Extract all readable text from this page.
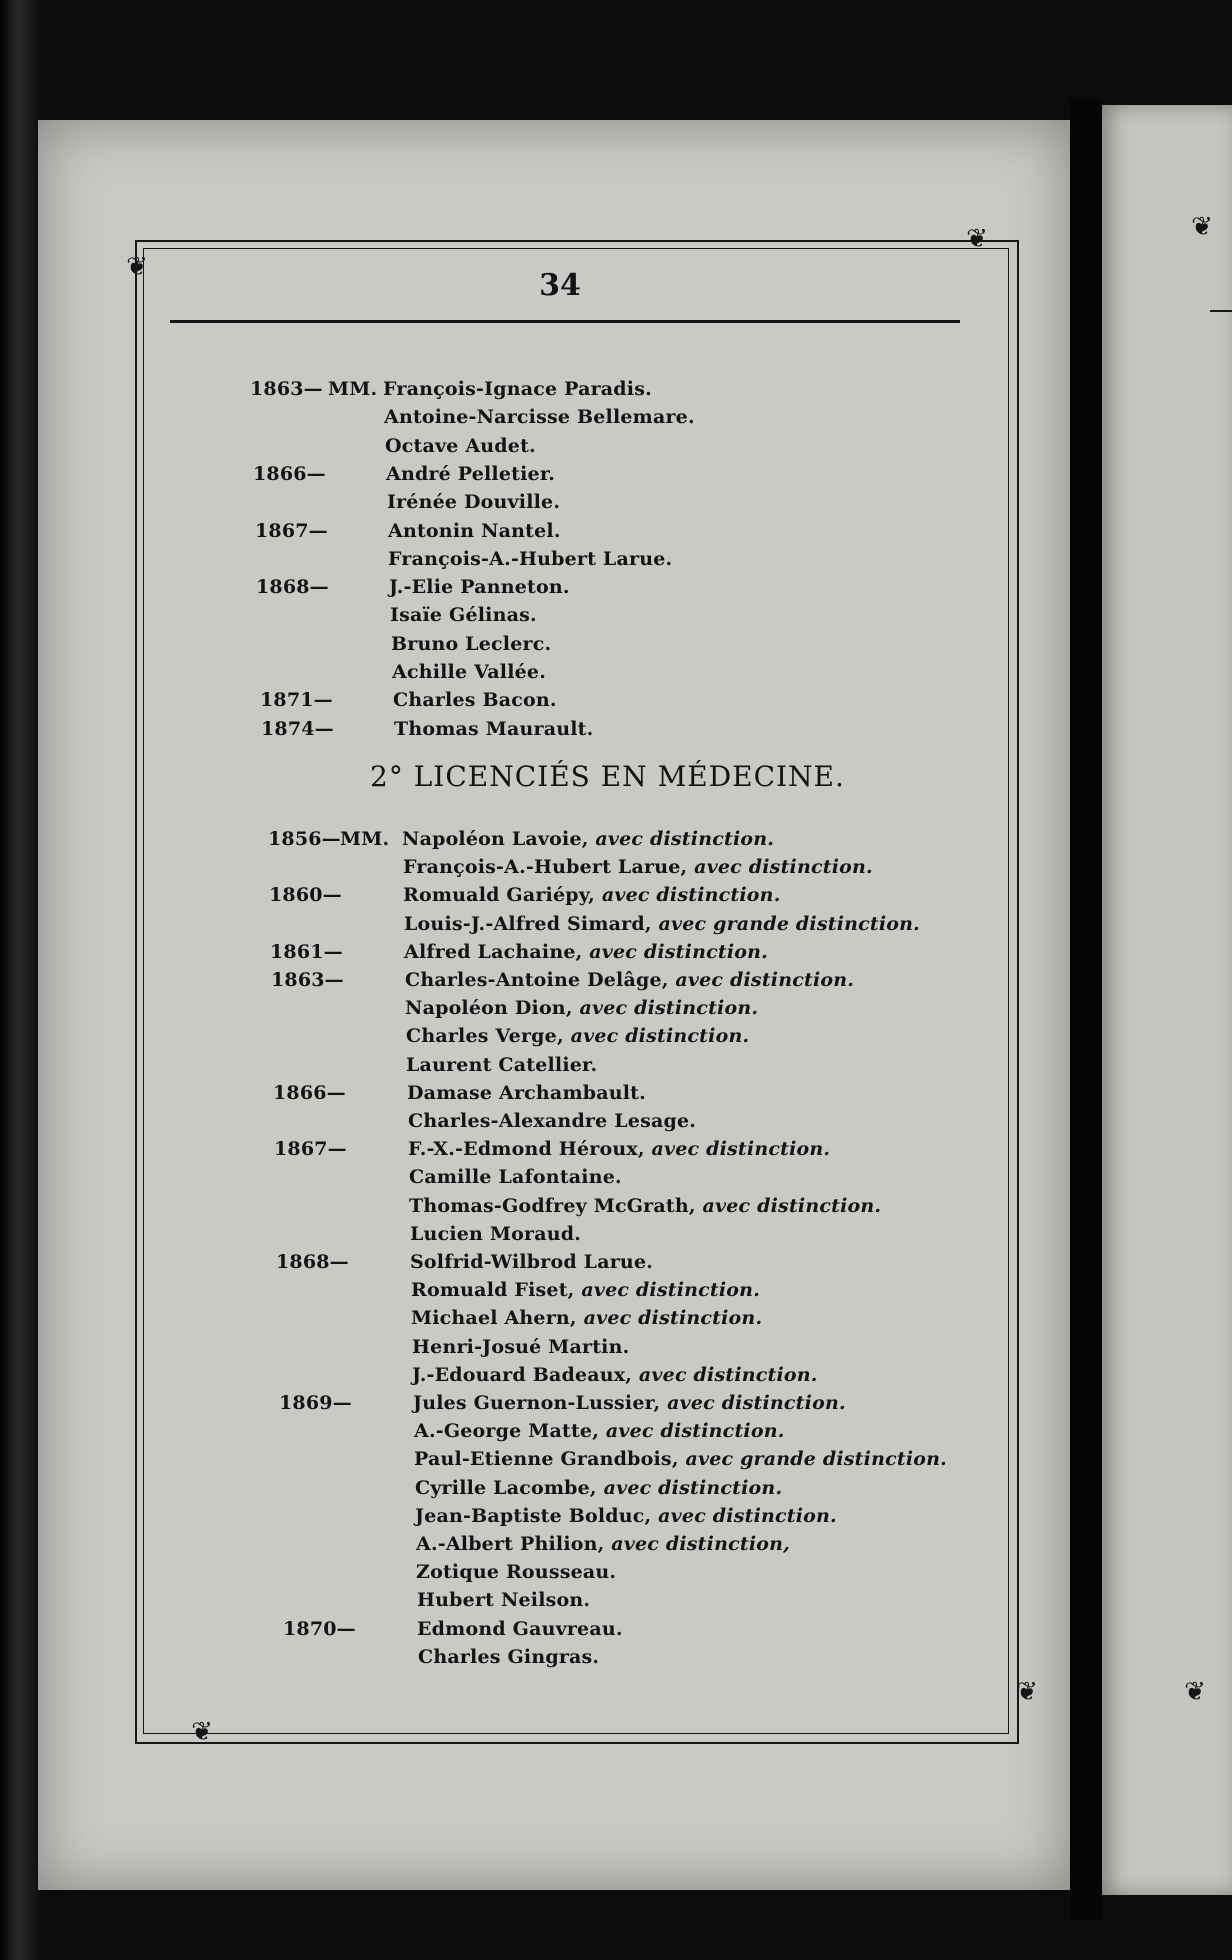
❦
❦
❦
❦
❦
❦
34
2° LICENCIÉS EN MÉDECINE.
1863— MM. François-Ignace Paradis.
Antoine-Narcisse Bellemare.
Octave Audet.
1866—	André Pelletier.
Irénée Douville.
1867—	Antonin Nantel.
François-A.-Hubert Larue.
1868—	J.-Elie Panneton.
Isaïe Gélinas.
Bruno Leclerc.
Achille Vallée.
1871—	Charles Bacon.
1874—	Thomas Maurault.
1856— MM. Napoléon Lavoie, avec distinction.
François-A.-Hubert Larue, avec distinction.
1860—	Romuald Gariépy, avec distinction.
Louis-J.-Alfred Simard, avec grande distinction.
1861—	Alfred Lachaine, avec distinction.
1863—	Charles-Antoine Delâge, avec distinction.
Napoléon Dion, avec distinction.
Charles Verge, avec distinction.
Laurent Catellier.
1866—	Damase Archambault.
Charles-Alexandre Lesage.
1867—	F.-X.-Edmond Héroux, avec distinction.
Camille Lafontaine.
Thomas-Godfrey McGrath, avec distinction.
Lucien Moraud.
1868—	Solfrid-Wilbrod Larue.
Romuald Fiset, avec distinction.
Michael Ahern, avec distinction.
Henri-Josué Martin.
J.-Edouard Badeaux, avec distinction.
1869—	Jules Guernon-Lussier, avec distinction.
A.-George Matte, avec distinction.
Paul-Etienne Grandbois, avec grande distinction.
Cyrille Lacombe, avec distinction.
Jean-Baptiste Bolduc, avec distinction.
A.-Albert Philion, avec distinction,
Zotique Rousseau.
Hubert Neilson.
1870—	Edmond Gauvreau.
Charles Gingras.
